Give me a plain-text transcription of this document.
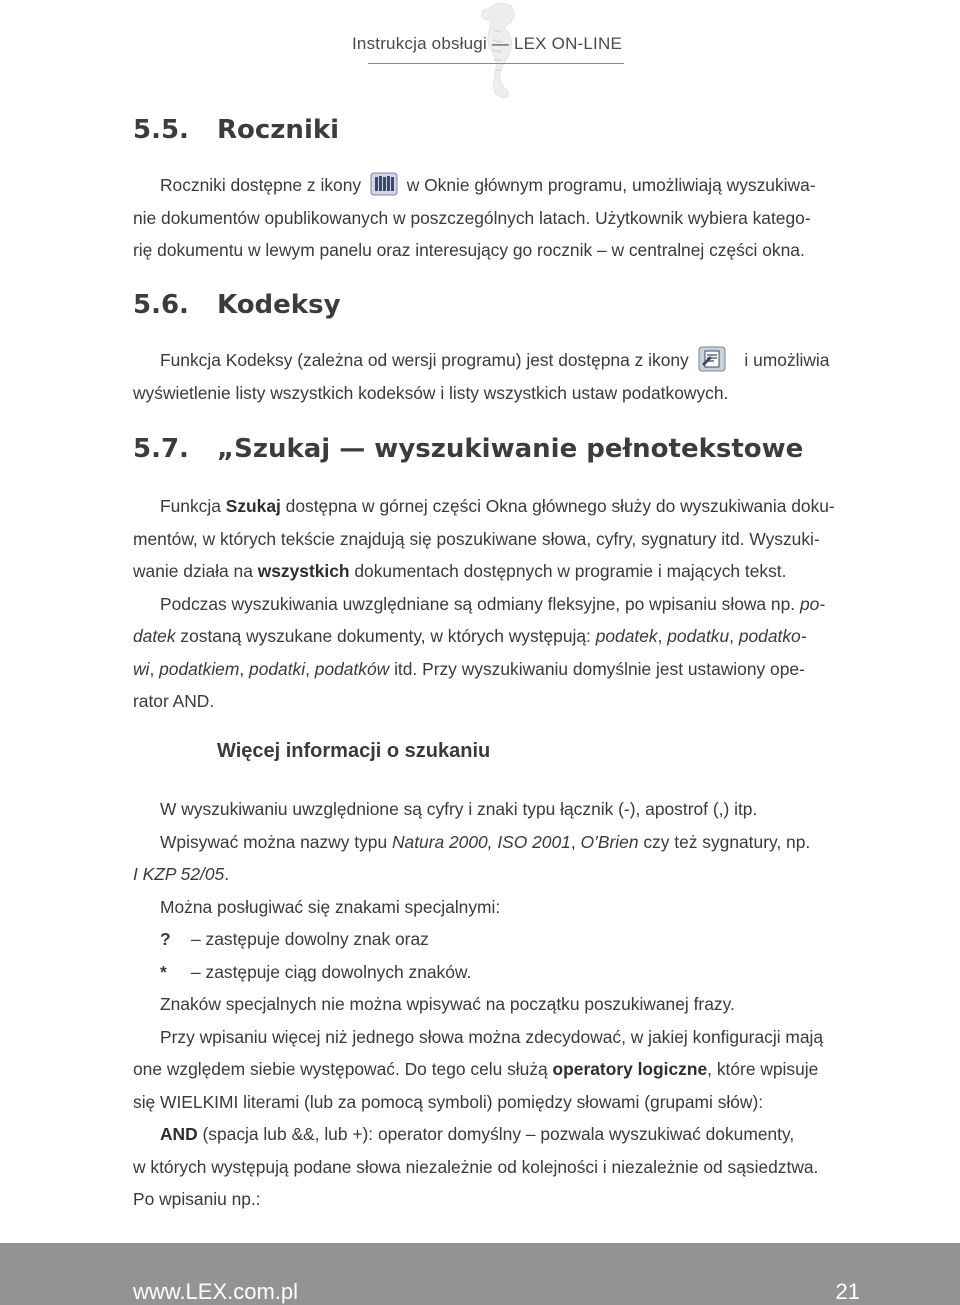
Instrukcja obsługi — LEX ON-LINE
5.5. Roczniki
Roczniki dostępne z ikony	w Oknie głównym programu, umożliwiają wyszukiwa-
nie dokumentów opublikowanych w poszczególnych latach. Użytkownik wybiera katego-
rię dokumentu w lewym panelu oraz interesujący go rocznik – w centralnej części okna.
5.6. Kodeksy
Funkcja Kodeksy (zależna od wersji programu) jest dostępna z ikony	i umożliwia
wyświetlenie listy wszystkich kodeksów i listy wszystkich ustaw podatkowych.
5.7. „Szukaj — wyszukiwanie pełnotekstowe
Funkcja Szukaj dostępna w górnej części Okna głównego służy do wyszukiwania doku-
mentów, w których tekście znajdują się poszukiwane słowa, cyfry, sygnatury itd. Wyszuki-
wanie działa na wszystkich dokumentach dostępnych w programie i mających tekst.
Podczas wyszukiwania uwzględniane są odmiany fleksyjne, po wpisaniu słowa np. po-
datek zostaną wyszukane dokumenty, w których występują: podatek, podatku, podatko-
wi, podatkiem, podatki, podatków itd. Przy wyszukiwaniu domyślnie jest ustawiony ope-
rator AND.
Więcej informacji o szukaniu
W wyszukiwaniu uwzględnione są cyfry i znaki typu łącznik (-), apostrof (,) itp.
Wpisywać można nazwy typu Natura 2000, ISO 2001, O’Brien czy też sygnatury, np.
I KZP 52/05.
Można posługiwać się znakami specjalnymi:
? – zastępuje dowolny znak oraz
* – zastępuje ciąg dowolnych znaków.
Znaków specjalnych nie można wpisywać na początku poszukiwanej frazy.
Przy wpisaniu więcej niż jednego słowa można zdecydować, w jakiej konfiguracji mają
one względem siebie występować. Do tego celu służą operatory logiczne, które wpisuje
się WIELKIMI literami (lub za pomocą symboli) pomiędzy słowami (grupami słów):
AND (spacja lub &&, lub +): operator domyślny – pozwala wyszukiwać dokumenty,
w których występują podane słowa niezależnie od kolejności i niezależnie od sąsiedztwa.
Po wpisaniu np.:
www.LEX.com.pl	21
